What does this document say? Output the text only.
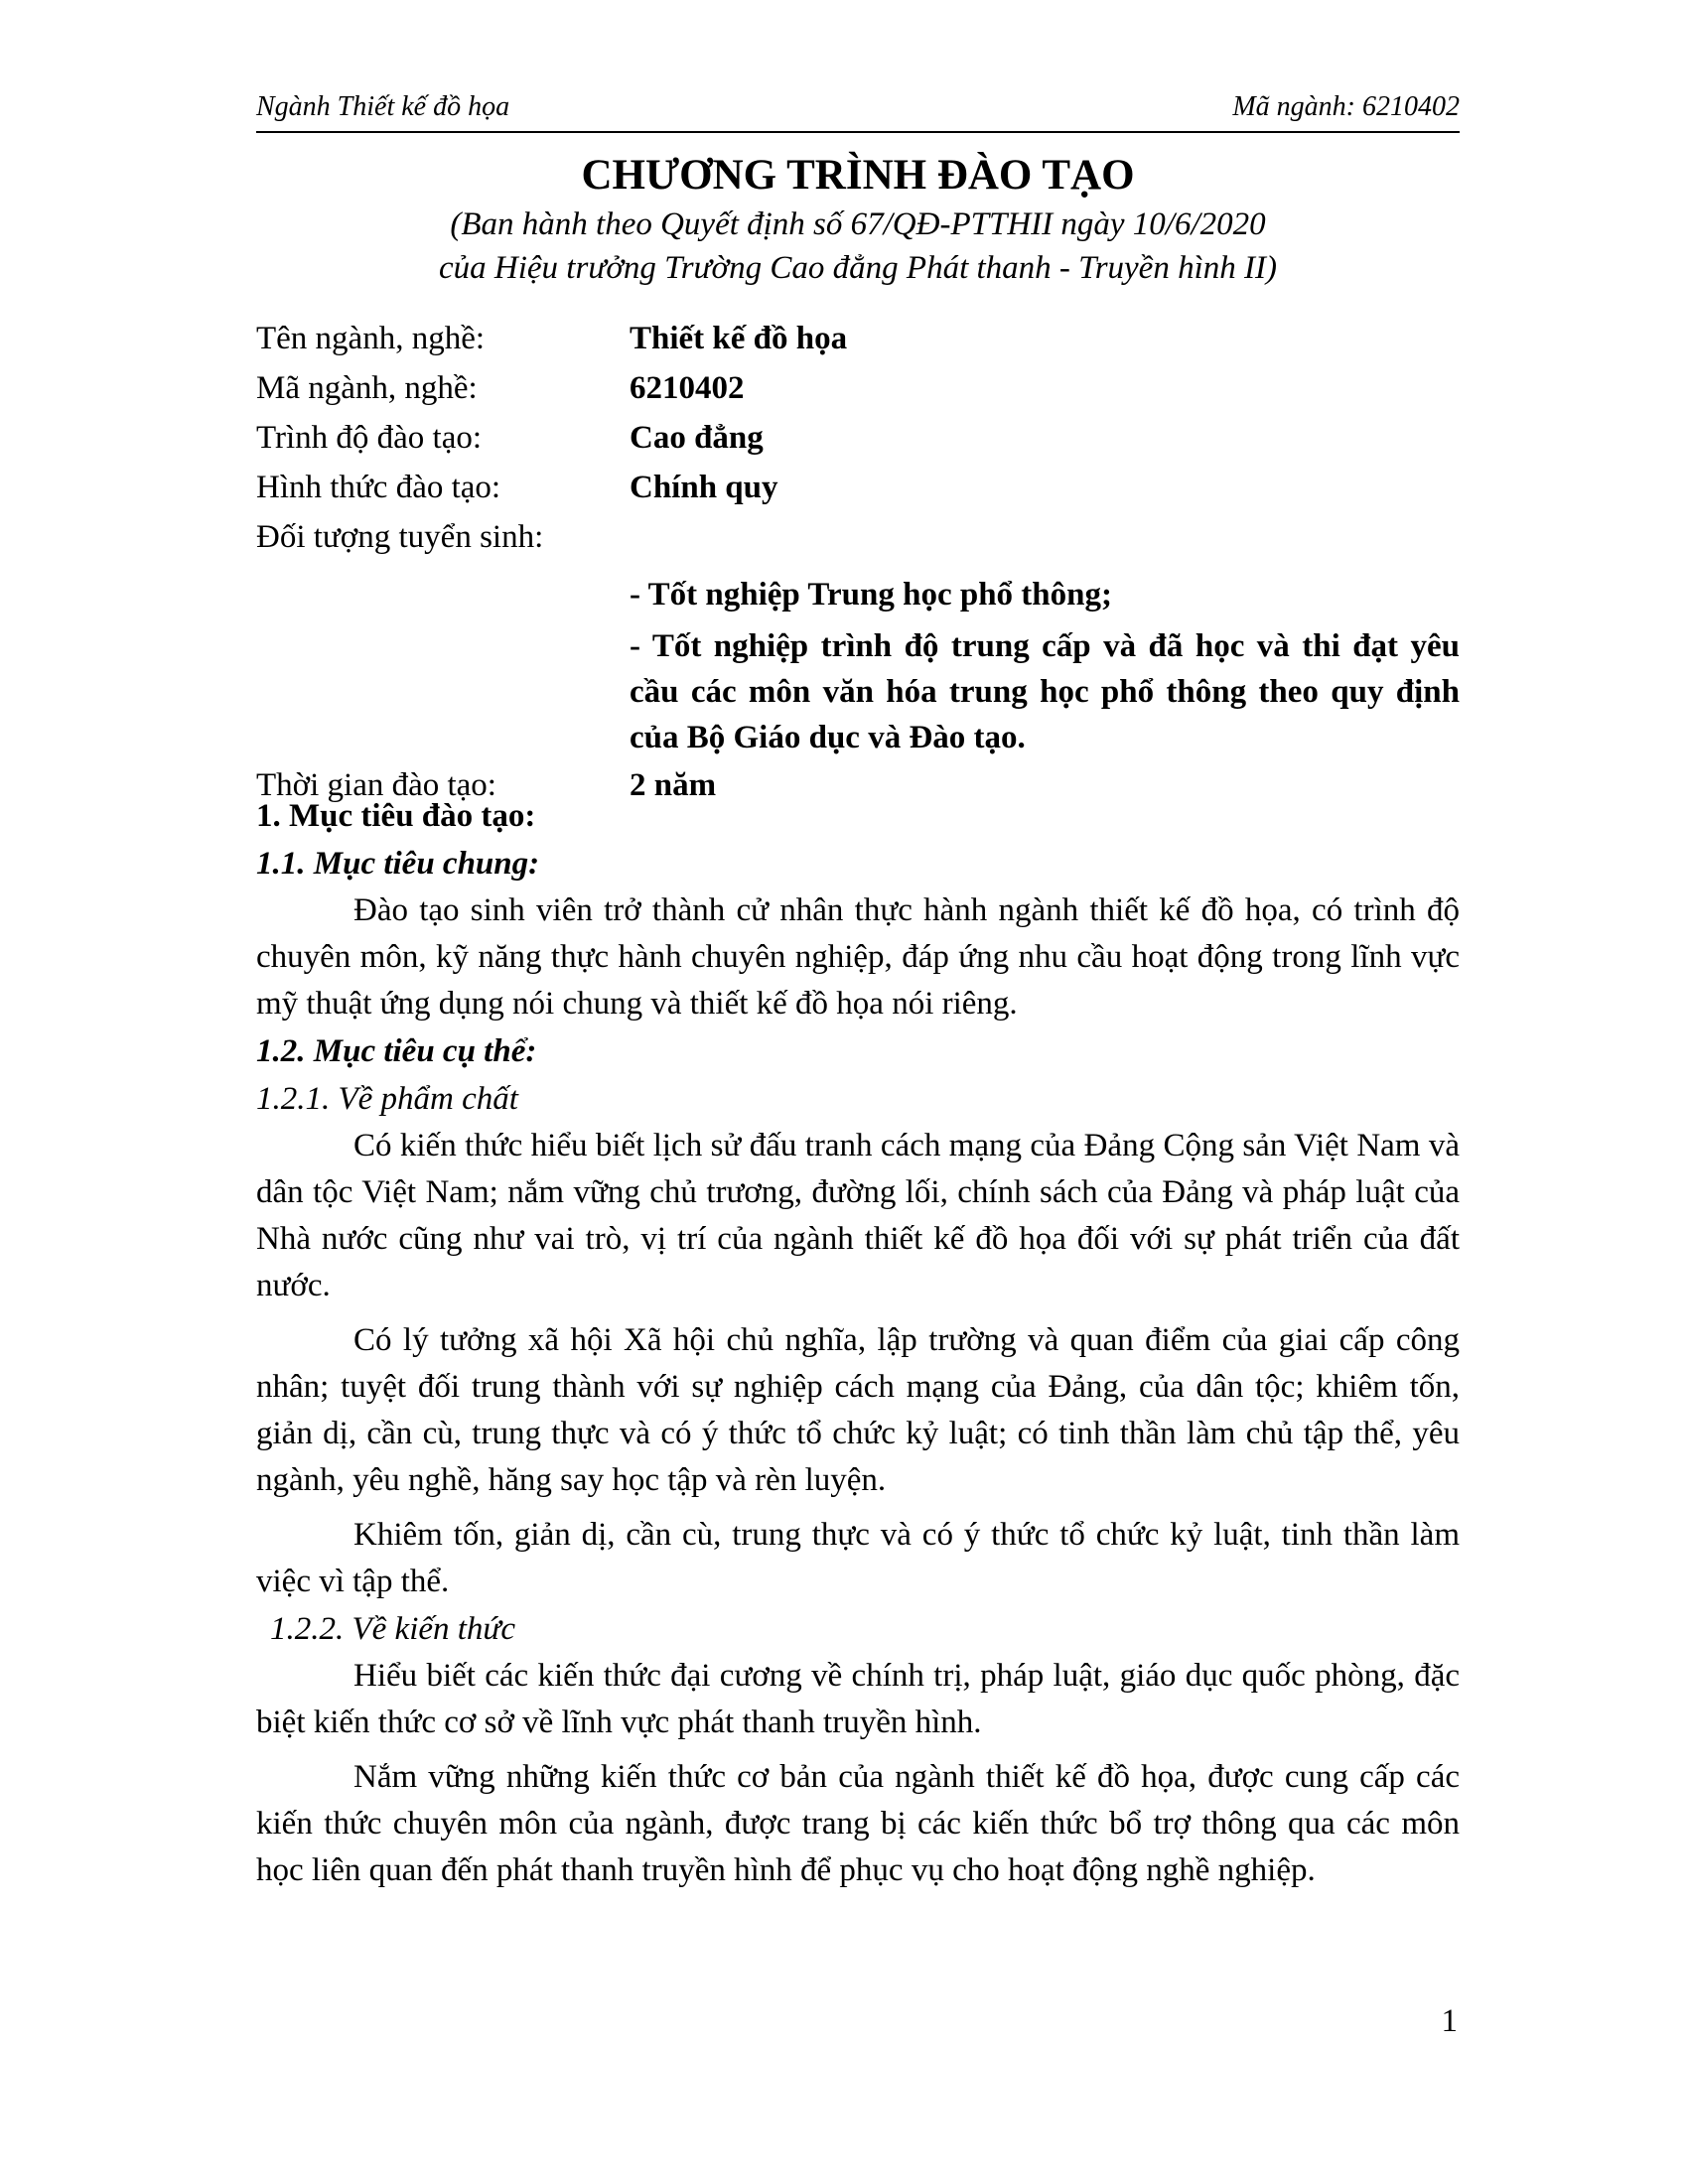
Ngành Thiết kế đồ họa	Mã ngành: 6210402
CHƯƠNG TRÌNH ĐÀO TẠO

(Ban hành theo Quyết định số 67/QĐ-PTTHII ngày 10/6/2020

của Hiệu trưởng Trường Cao đẳng Phát thanh - Truyền hình II)

Tên ngành, nghề:	Thiết kế đồ họa
Mã ngành, nghề:	6210402
Trình độ đào tạo:	Cao đẳng
Hình thức đào tạo:	Chính quy
Đối tượng tuyển sinh:

- Tốt nghiệp Trung học phổ thông;

- Tốt nghiệp trình độ trung cấp và đã học và thi đạt yêu cầu các môn văn hóa trung học phổ thông theo quy định của Bộ Giáo dục và Đào tạo.

Thời gian đào tạo:	2 năm
1. Mục tiêu đào tạo:
1.1. Mục tiêu chung:

Đào tạo sinh viên trở thành cử nhân thực hành ngành thiết kế đồ họa, có trình độ chuyên môn, kỹ năng thực hành chuyên nghiệp, đáp ứng nhu cầu hoạt động trong lĩnh vực mỹ thuật ứng dụng nói chung và thiết kế đồ họa nói riêng.

1.2. Mục tiêu cụ thể:
1.2.1. Về phẩm chất

Có kiến thức hiểu biết lịch sử đấu tranh cách mạng của Đảng Cộng sản Việt Nam và dân tộc Việt Nam; nắm vững chủ trương, đường lối, chính sách của Đảng và pháp luật của Nhà nước cũng như vai trò, vị trí của ngành thiết kế đồ họa đối với sự phát triển của đất nước.

Có lý tưởng xã hội Xã hội chủ nghĩa, lập trường và quan điểm của giai cấp công nhân; tuyệt đối trung thành với sự nghiệp cách mạng của Đảng, của dân tộc; khiêm tốn, giản dị, cần cù, trung thực và có ý thức tổ chức kỷ luật; có tinh thần làm chủ tập thể, yêu ngành, yêu nghề, hăng say học tập và rèn luyện.

Khiêm tốn, giản dị, cần cù, trung thực và có ý thức tổ chức kỷ luật, tinh thần làm việc vì tập thể.

1.2.2. Về kiến thức

Hiểu biết các kiến thức đại cương về chính trị, pháp luật, giáo dục quốc phòng, đặc biệt kiến thức cơ sở về lĩnh vực phát thanh truyền hình.

Nắm vững những kiến thức cơ bản của ngành thiết kế đồ họa, được cung cấp các kiến thức chuyên môn của ngành, được trang bị các kiến thức bổ trợ thông qua các môn học liên quan đến phát thanh truyền hình để phục vụ cho hoạt động nghề nghiệp.

1
